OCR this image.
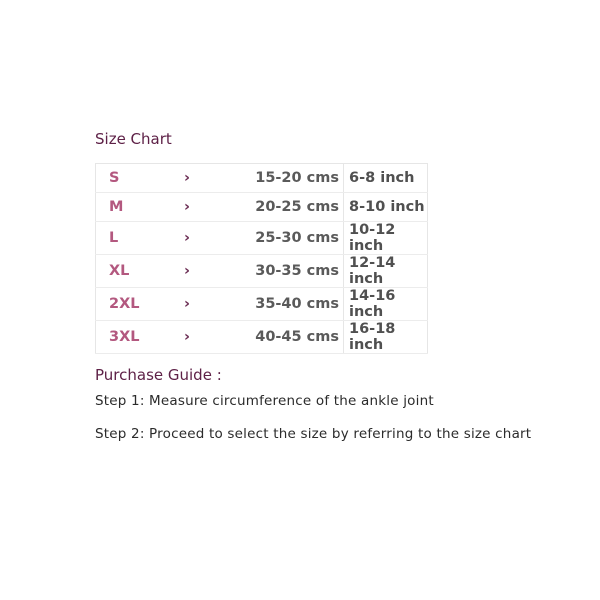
Size Chart
S	›	15-20 cms	6-8 inch
M	›	20-25 cms	8-10 inch
L	›	25-30 cms	10-12 inch
XL	›	30-35 cms	12-14 inch
2XL	›	35-40 cms	14-16 inch
3XL	›	40-45 cms	16-18 inch
Purchase Guide :
Step 1: Measure circumference of the ankle joint
Step 2: Proceed to select the size by referring to the size chart
